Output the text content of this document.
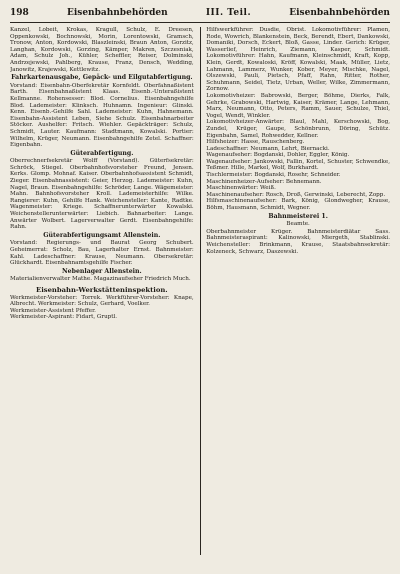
198	Eisenbahnbehörden	III. Teil.	Eisenbahnbehörden

Kanzel, Lobeit, Krokas, Kragull, Schulz, E. Dreesen, Oppenkowski, Bochnowski, Morin, Lorentowski, Gramsch, Tronow, Anton, Kordowski, Blaszleinski, Braun Anton, Gorzitz, Langhan, Kordowski, Gorzing, Kämper, Makren, Szczesniak, Adam, Schulz Joh., Kühler, Scheffler, Reiser, Dolminski, Andrzejewski, Pahlberg, Krause, Franz, Densch, Wedding, Janowitz, Krajewski, Kettlewitz.

Fahrkartenausgabe, Gepäck- und Eilgutabfertigung.

Vorstand: Eisenbahn-Oberfekretär Kornfeldt. Oberfahnaßistent Barth. Eisenbahnaßistent Klaas. Eisenb.-Unteraßistent Kellmanne. Rohensesser: Blod. Cornelius. Eisenbahngehilfe Blod. Lademeister: Klinksch. Huhnamn. Ingenieur: Glinski. Kenn. Eisenb.-Gehilfe Sahl. Lademeister: Kuhn, Hahnemann. Eisenbahn-Assistent Leben, Siehe Schulz. Eisenbahnarbeiter Stöcker. Aushelfer: Fritsch. Wiehler. Gepäckträger: Schulz, Schmidt, Lauter. Kaufmann: Stadtmann, Kowalski. Portier: Wilhelm, Krüger, Neumann. Eisenbahngehilfe Zetel. Schaffner: Eigenbahn.

Güterabfertigung.

Oberrechnerfsekretär Wolff (Vorstand). Güterfsekretär: Schröck, Stiegel. Oberbahnhofsvorsteher Freund, Jensen. Kerks. Glomp. Mohnaf. Kaiser. Oberbahnhofsassistent Schmidt, Zieger. Eisenbahnassistent: Geier, Herzog. Lademeister: Kuhn, Nagel, Braun. Eisenbahngehilfe: Schröder, Lange. Wägemeister: Mahn. Bahnhofsvorsteher Kroll. Lademeisterhilfe: Wilke. Rangierer: Kuhn, Gehilfe Hank. Weichensteller: Kante, Radtke. Wagenmeister: Kriege. Schaffnerunterwärter Kowalski. Weichenstellerunterwärter: Liebich. Bahnarbeiter: Lange. Anwärter Wolbert. Lagerverwalter Gerdt. Eisenbahngehilfe: Rahn.

Güterabfertigungsamt Allenstein.

Vorstand: Regierungs- und Baurat Georg Schubert. Geheimerrat: Scholz, Bau, Lagerhalter Ernst. Bahnmeister: Kahl. Ladeschaffner: Krause, Neumann. Obersekretär: Glückhardt. Eisenbahnamtsgehilfe Fischer.

Nebenlager Allenstein.

Materialienverwalter Mathe. Magazinaufseher Friedrich Much.

Eisenbahn-Werkstätteninspektion.

Werkmeister-Vorsteher: Torrek. Werkführer-Vorsteher: Knape, Albrecht. Werkmeister: Schulz, Gerhard, Voelker.

Werkmeister-Assistent Pfeffer.

Werkmeister-Aspirant: Fidart, Gruptl.

Hilfswerkführer: Dusdie, Obrist. Lokomotivführer: Plamen, Rode, Wowrich, Blankenstein, Beck, Berendt, Ebert, Dankowski, Domaniki, Dorsch, Eckert, Bloß, Gasse, Linder. Gerich: Krüger, Wasserlief, Heinrich, Ziemann, Kasper, Schmidt. Lokomotivführer: Hahn, Kaufmann, Kleinschmidt, Kraft, Kopp, Klein, Gerdt, Kowaloski, Kröff, Kowalski, Maak, Müller, Lietz, Lahmann, Lammerz, Wunker, Kober, Meyer, Mischke, Nagel, Olszewski, Pauli, Pietsch, Pfaff, Rahn, Ritter, Rother, Schuhmann, Seidel, Tietz, Urban, Weller, Wilke, Zimmermann, Zornow.

Lokomotivheizer: Babrowski, Berger, Böhme, Dierks, Falk, Gehrke, Grabowski, Hartwig, Kaiser, Krämer, Lange, Lehmann, Marx, Neumann, Otto, Peters, Ramm, Sauer, Schulze, Thiel, Vogel, Wendt, Winkler.

Lokomotivheizer-Anwärter: Blaul, Mahl, Kerschowski, Bog, Zundel, Krüger, Gaupe, Schönbrunn, Döring, Schütz. Eigenbahn, Samel, Rohwedder, Kellner.

Hilfsheizer: Hasse, Rauschenberg.

Ladeschaffner: Neumann, Lehrt, Biernacki.

Wagenaufseher: Bogdanski, Dohler, Eggler, König.

Wagenaufseher: Jankowski, Fallin, Kortel, Schuster, Schwendke, Teßmer. Hille, Markel, Wolf, Burkhardt.

Tischlermeister: Bogdanski, Rosehr, Schneider.

Maschinenheizer-Aufseher: Behnemann.

Maschinenwärter: Weiß.

Maschinenaufseher: Rosch, Droß, Gerwinski, Leberecht, Zopp.

Hilfsmaschinenaufseher: Bark, König, Glondwegher, Krause, Böhm, Hausmann, Schmidt, Wegner.

Bahnmeisterei 1.

Beamte.

Oberbahnmeister Krüger. Bahnmeisterdiätar Sass. Bahnmeisteraspirant: Kalinowski, Miergeth, Stablinski. Weichensteller: Brinkmann, Krause, Staatsbahnsekretär: Kolzeneck, Schwarz, Daszewski.
